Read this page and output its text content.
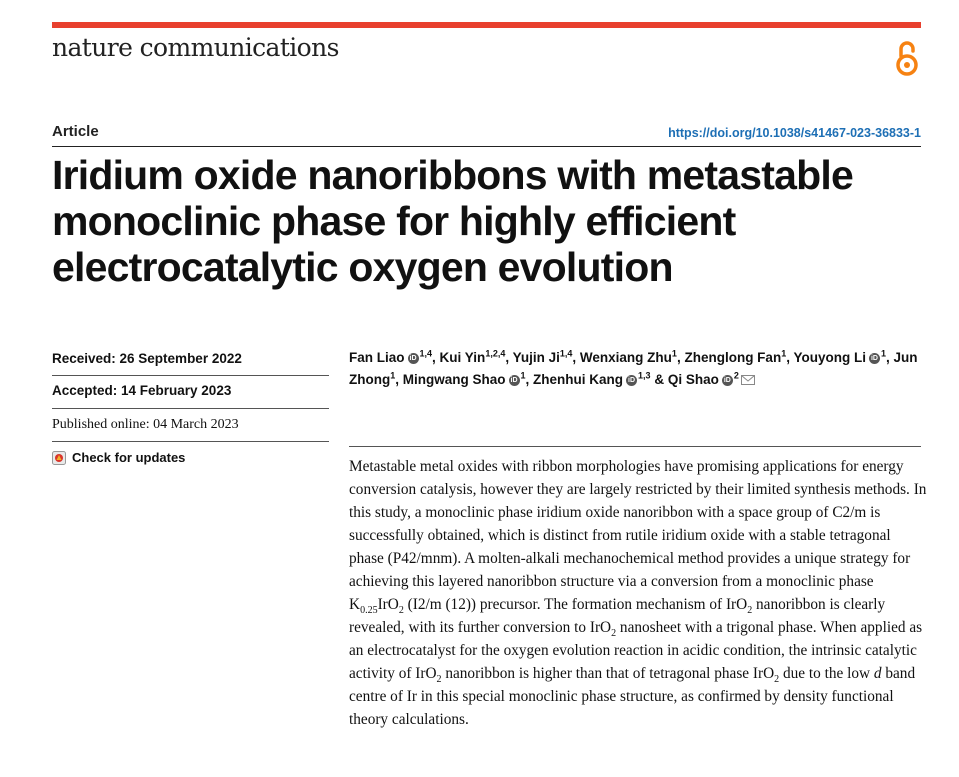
nature communications
Article	https://doi.org/10.1038/s41467-023-36833-1
Iridium oxide nanoribbons with metastable monoclinic phase for highly efficient electrocatalytic oxygen evolution
Received: 26 September 2022
Accepted: 14 February 2023
Published online: 04 March 2023
Check for updates

Fan Liao iD $^{1,4}$, Kui Yin$^{1,2,4}$, Yujin Ji$^{1,4}$, Wenxiang Zhu$^1$, Zhenglong Fan$^1$, Youyong Li iD $^1$, Jun Zhong$^1$, Mingwang Shao iD $^1$, Zhenhui Kang iD $^{1,3}$ & Qi Shao iD $^2$

Metastable metal oxides with ribbon morphologies have promising applications for energy conversion catalysis, however they are largely restricted by their limited synthesis methods. In this study, a monoclinic phase iridium oxide nanoribbon with a space group of C2/m is successfully obtained, which is distinct from rutile iridium oxide with a stable tetragonal phase (P42/mnm). A molten-alkali mechanochemical method provides a unique strategy for achieving this layered nanoribbon structure via a conversion from a monoclinic phase $K_{0.25}IrO_2$ (I2/m (12)) precursor. The formation mechanism of IrO$_2$ nanoribbon is clearly revealed, with its further conversion to IrO$_2$ nanosheet with a trigonal phase. When applied as an electrocatalyst for the oxygen evolution reaction in acidic condition, the intrinsic catalytic activity of IrO$_2$ nanoribbon is higher than that of tetragonal phase IrO$_2$ due to the low d band centre of Ir in this special monoclinic phase structure, as confirmed by density functional theory calculations.
